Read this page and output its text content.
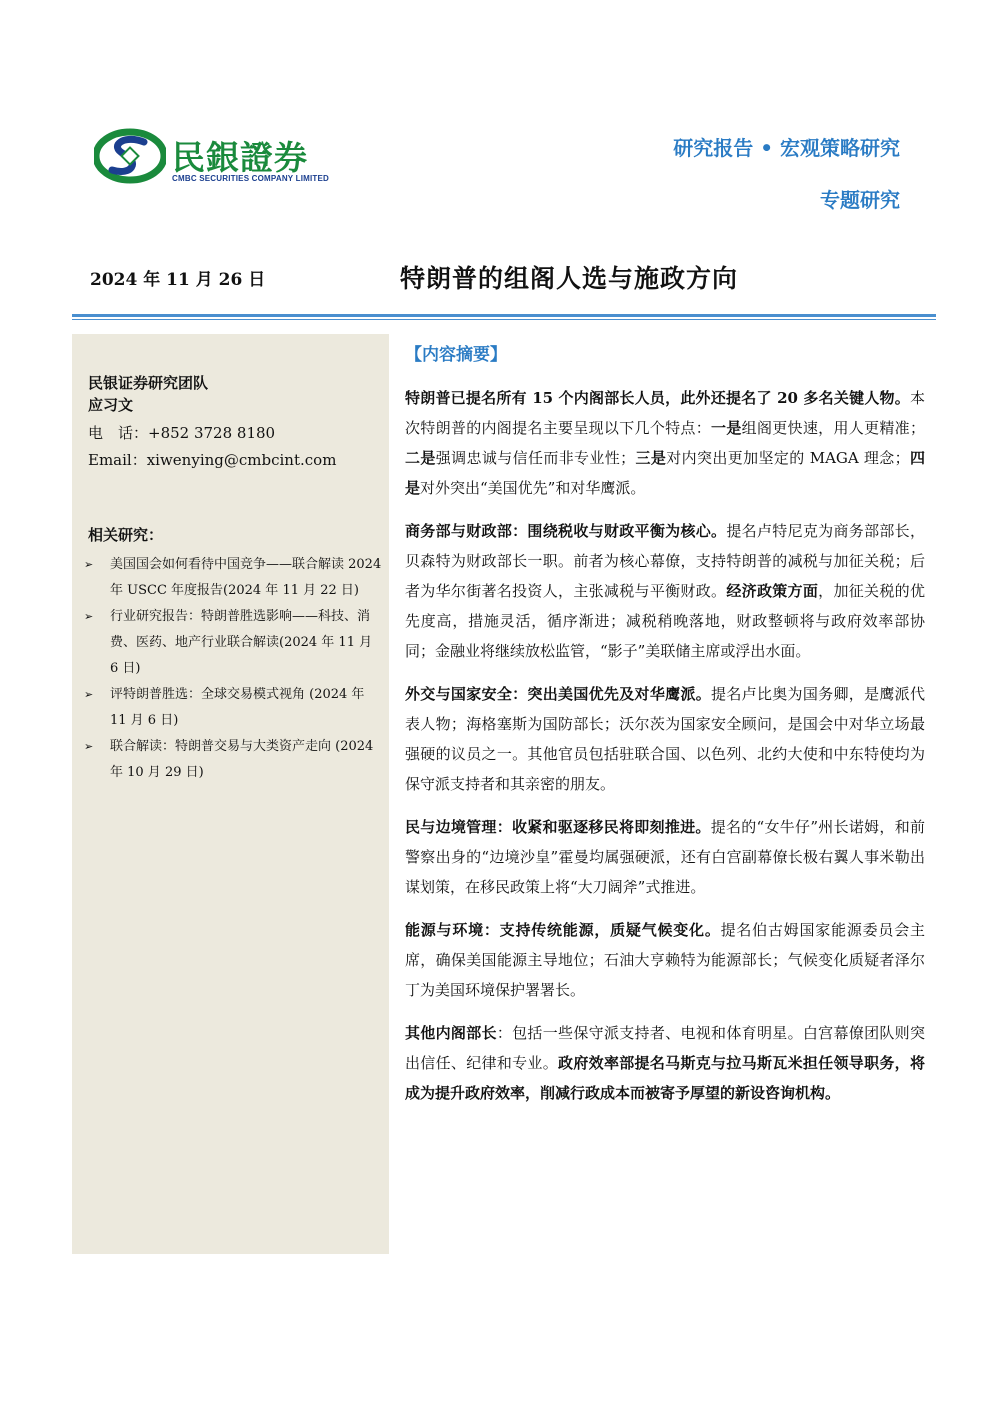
民銀證券
CMBC SECURITIES COMPANY LIMITED
研究报告 • 宏观策略研究
专题研究
2024 年 11 月 26 日	特朗普的组阁人选与施政方向
民银证券研究团队
应习文
电　话：+852 3728 8180
Email：xiwenying@cmbcint.com
相关研究：
➢ 美国国会如何看待中国竞争——联合解读 2024 年 USCC 年度报告(2024 年 11 月 22 日)
➢ 行业研究报告：特朗普胜选影响——科技、消费、医药、地产行业联合解读(2024 年 11 月 6 日)
➢ 评特朗普胜选：全球交易模式视角 (2024 年 11 月 6 日)
➢ 联合解读：特朗普交易与大类资产走向 (2024 年 10 月 29 日)
【内容摘要】

特朗普已提名所有 15 个内阁部长人员，此外还提名了 20 多名关键人物。本次特朗普的内阁提名主要呈现以下几个特点：一是组阁更快速，用人更精准；二是强调忠诚与信任而非专业性；三是对内突出更加坚定的 MAGA 理念；四是对外突出“美国优先”和对华鹰派。

商务部与财政部：围绕税收与财政平衡为核心。提名卢特尼克为商务部部长，贝森特为财政部长一职。前者为核心幕僚，支持特朗普的减税与加征关税；后者为华尔街著名投资人，主张减税与平衡财政。经济政策方面，加征关税的优先度高，措施灵活，循序渐进；减税稍晚落地，财政整顿将与政府效率部协同；金融业将继续放松监管，“影子”美联储主席或浮出水面。

外交与国家安全：突出美国优先及对华鹰派。提名卢比奥为国务卿，是鹰派代表人物；海格塞斯为国防部长；沃尔茨为国家安全顾问，是国会中对华立场最强硬的议员之一。其他官员包括驻联合国、以色列、北约大使和中东特使均为保守派支持者和其亲密的朋友。

民与边境管理：收紧和驱逐移民将即刻推进。提名的“女牛仔”州长诺姆，和前警察出身的“边境沙皇”霍曼均属强硬派，还有白宫副幕僚长极右翼人事米勒出谋划策，在移民政策上将“大刀阔斧”式推进。

能源与环境：支持传统能源，质疑气候变化。提名伯古姆国家能源委员会主席，确保美国能源主导地位；石油大亨赖特为能源部长；气候变化质疑者泽尔丁为美国环境保护署署长。

其他内阁部长：包括一些保守派支持者、电视和体育明星。白宫幕僚团队则突出信任、纪律和专业。政府效率部提名马斯克与拉马斯瓦米担任领导职务，将成为提升政府效率，削减行政成本而被寄予厚望的新设咨询机构。
